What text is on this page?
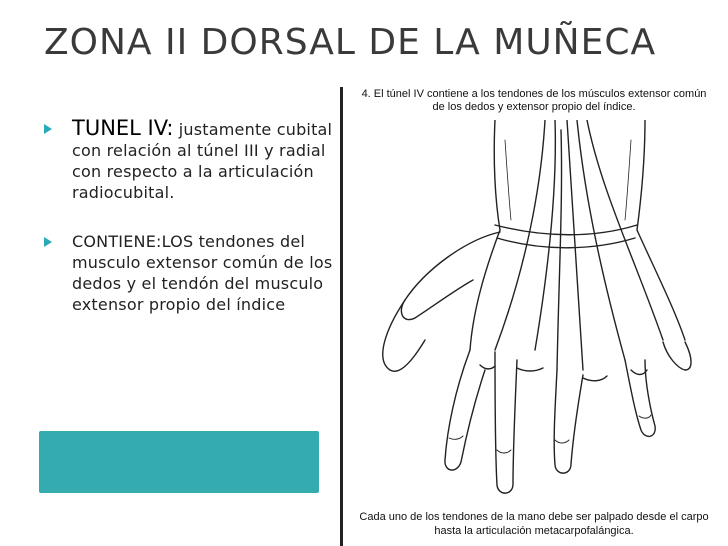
ZONA II DORSAL DE LA MUÑECA
TUNEL IV: justamente cubital con relación al túnel III y radial con respecto a la articulación radiocubital.
CONTIENE:LOS tendones del musculo extensor común de los dedos y el tendón del musculo extensor propio del índice
4. El túnel IV contiene a los tendones de los músculos extensor común
de los dedos y extensor propio del índice.
Cada uno de los tendones de la mano debe ser palpado desde el carpo
hasta la articulación metacarpofalángica.
